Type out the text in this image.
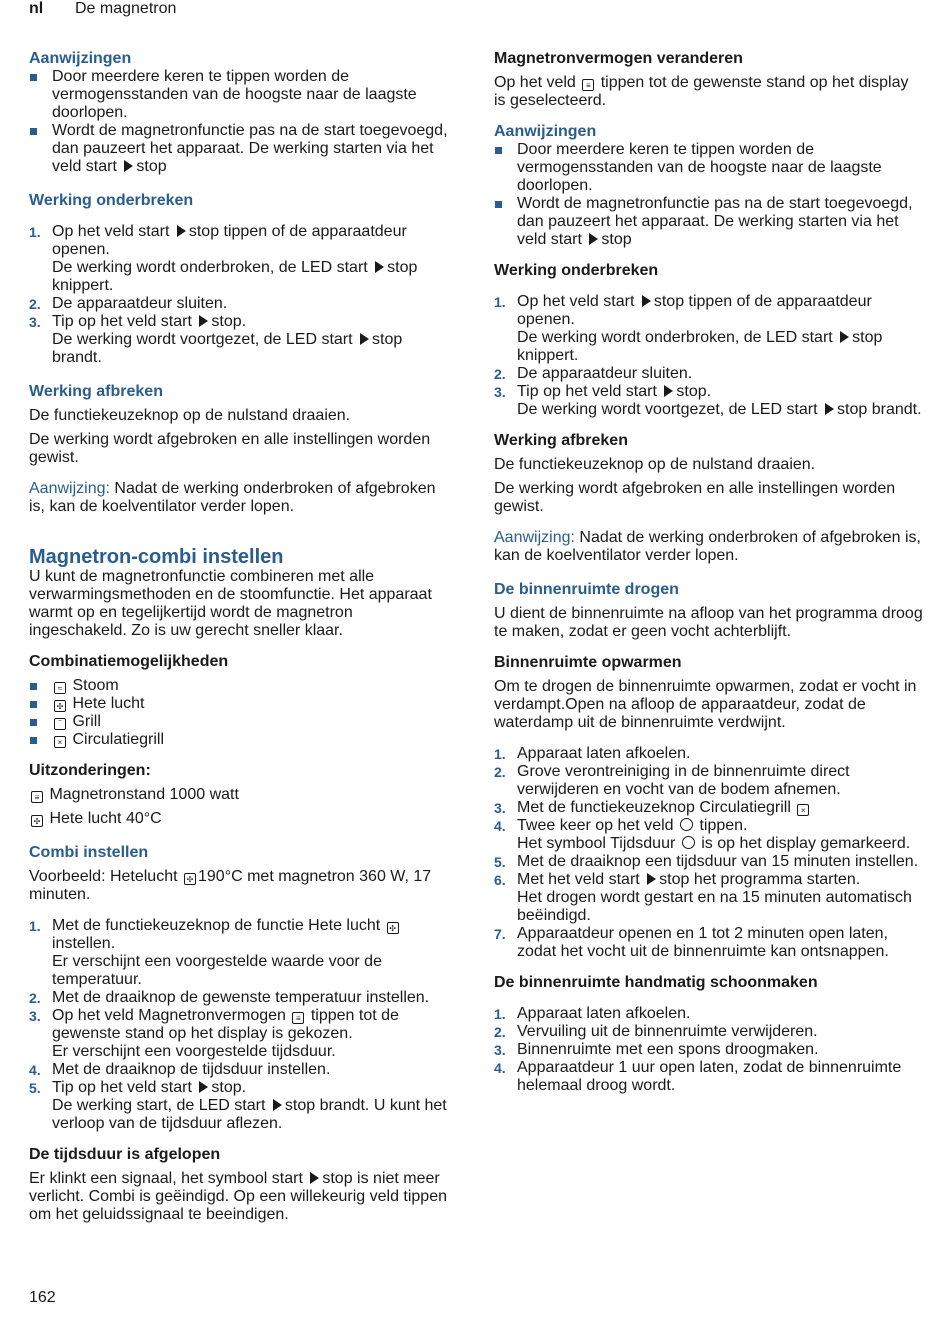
nl De magnetron
Aanwijzingen
Door meerdere keren te tippen worden de vermogensstanden van de hoogste naar de laagste doorlopen.
Wordt de magnetronfunctie pas na de start toegevoegd, dan pauzeert het apparaat. De werking starten via het veld start stop
Werking onderbreken
1. Op het veld start stop tippen of de apparaatdeur openen.
De werking wordt onderbroken, de LED start stop knippert.
2. De apparaatdeur sluiten.
3. Tip op het veld start stop.
De werking wordt voortgezet, de LED start stop brandt.
Werking afbreken

De functiekeuzeknop op de nulstand draaien.

De werking wordt afgebroken en alle instellingen worden gewist.

Aanwijzing: Nadat de werking onderbroken of afgebroken is, kan de koelventilator verder lopen.

Magnetron-combi instellen

U kunt de magnetronfunctie combineren met alle verwarmingsmethoden en de stoomfunctie. Het apparaat warmt op en tegelijkertijd wordt de magnetron ingeschakeld. Zo is uw gerecht sneller klaar.

Combinatiemogelijkheden
≈ Stoom
✣ Hete lucht
‾ Grill
× Circulatiegrill
Uitzonderingen:

≡ Magnetronstand 1000 watt

✣ Hete lucht 40°C

Combi instellen

Voorbeeld: Hetelucht ✣ 190°C met magnetron 360 W, 17 minuten.

1. Met de functiekeuzeknop de functie Hete lucht ✣ instellen.
Er verschijnt een voorgestelde waarde voor de temperatuur.
2. Met de draaiknop de gewenste temperatuur instellen.
3. Op het veld Magnetronvermogen ≡ tippen tot de gewenste stand op het display is gekozen.
Er verschijnt een voorgestelde tijdsduur.
4. Met de draaiknop de tijdsduur instellen.
5. Tip op het veld start stop.
De werking start, de LED start stop brandt. U kunt het verloop van de tijdsduur aflezen.
De tijdsduur is afgelopen

Er klinkt een signaal, het symbool start stop is niet meer verlicht. Combi is geëindigd. Op een willekeurig veld tippen om het geluidssignaal te beeindigen.

Magnetronvermogen veranderen

Op het veld ≡ tippen tot de gewenste stand op het display is geselecteerd.

Aanwijzingen
Door meerdere keren te tippen worden de vermogensstanden van de hoogste naar de laagste doorlopen.
Wordt de magnetronfunctie pas na de start toegevoegd, dan pauzeert het apparaat. De werking starten via het veld start stop
Werking onderbreken
1. Op het veld start stop tippen of de apparaatdeur openen.
De werking wordt onderbroken, de LED start stop knippert.
2. De apparaatdeur sluiten.
3. Tip op het veld start stop.
De werking wordt voortgezet, de LED start stop brandt.
Werking afbreken

De functiekeuzeknop op de nulstand draaien.

De werking wordt afgebroken en alle instellingen worden gewist.

Aanwijzing: Nadat de werking onderbroken of afgebroken is, kan de koelventilator verder lopen.

De binnenruimte drogen

U dient de binnenruimte na afloop van het programma droog te maken, zodat er geen vocht achterblijft.

Binnenruimte opwarmen

Om te drogen de binnenruimte opwarmen, zodat er vocht in verdampt.Open na afloop de apparaatdeur, zodat de waterdamp uit de binnenruimte verdwijnt.

1. Apparaat laten afkoelen.
2. Grove verontreiniging in de binnenruimte direct verwijderen en vocht van de bodem afnemen.
3. Met de functiekeuzeknop Circulatiegrill ×
4. Twee keer op het veld tippen.
Het symbool Tijdsduur is op het display gemarkeerd.
5. Met de draaiknop een tijdsduur van 15 minuten instellen.
6. Met het veld start stop het programma starten.
Het drogen wordt gestart en na 15 minuten automatisch beëindigd.
7. Apparaatdeur openen en 1 tot 2 minuten open laten, zodat het vocht uit de binnenruimte kan ontsnappen.
De binnenruimte handmatig schoonmaken
1. Apparaat laten afkoelen.
2. Vervuiling uit de binnenruimte verwijderen.
3. Binnenruimte met een spons droogmaken.
4. Apparaatdeur 1 uur open laten, zodat de binnenruimte helemaal droog wordt.
162
